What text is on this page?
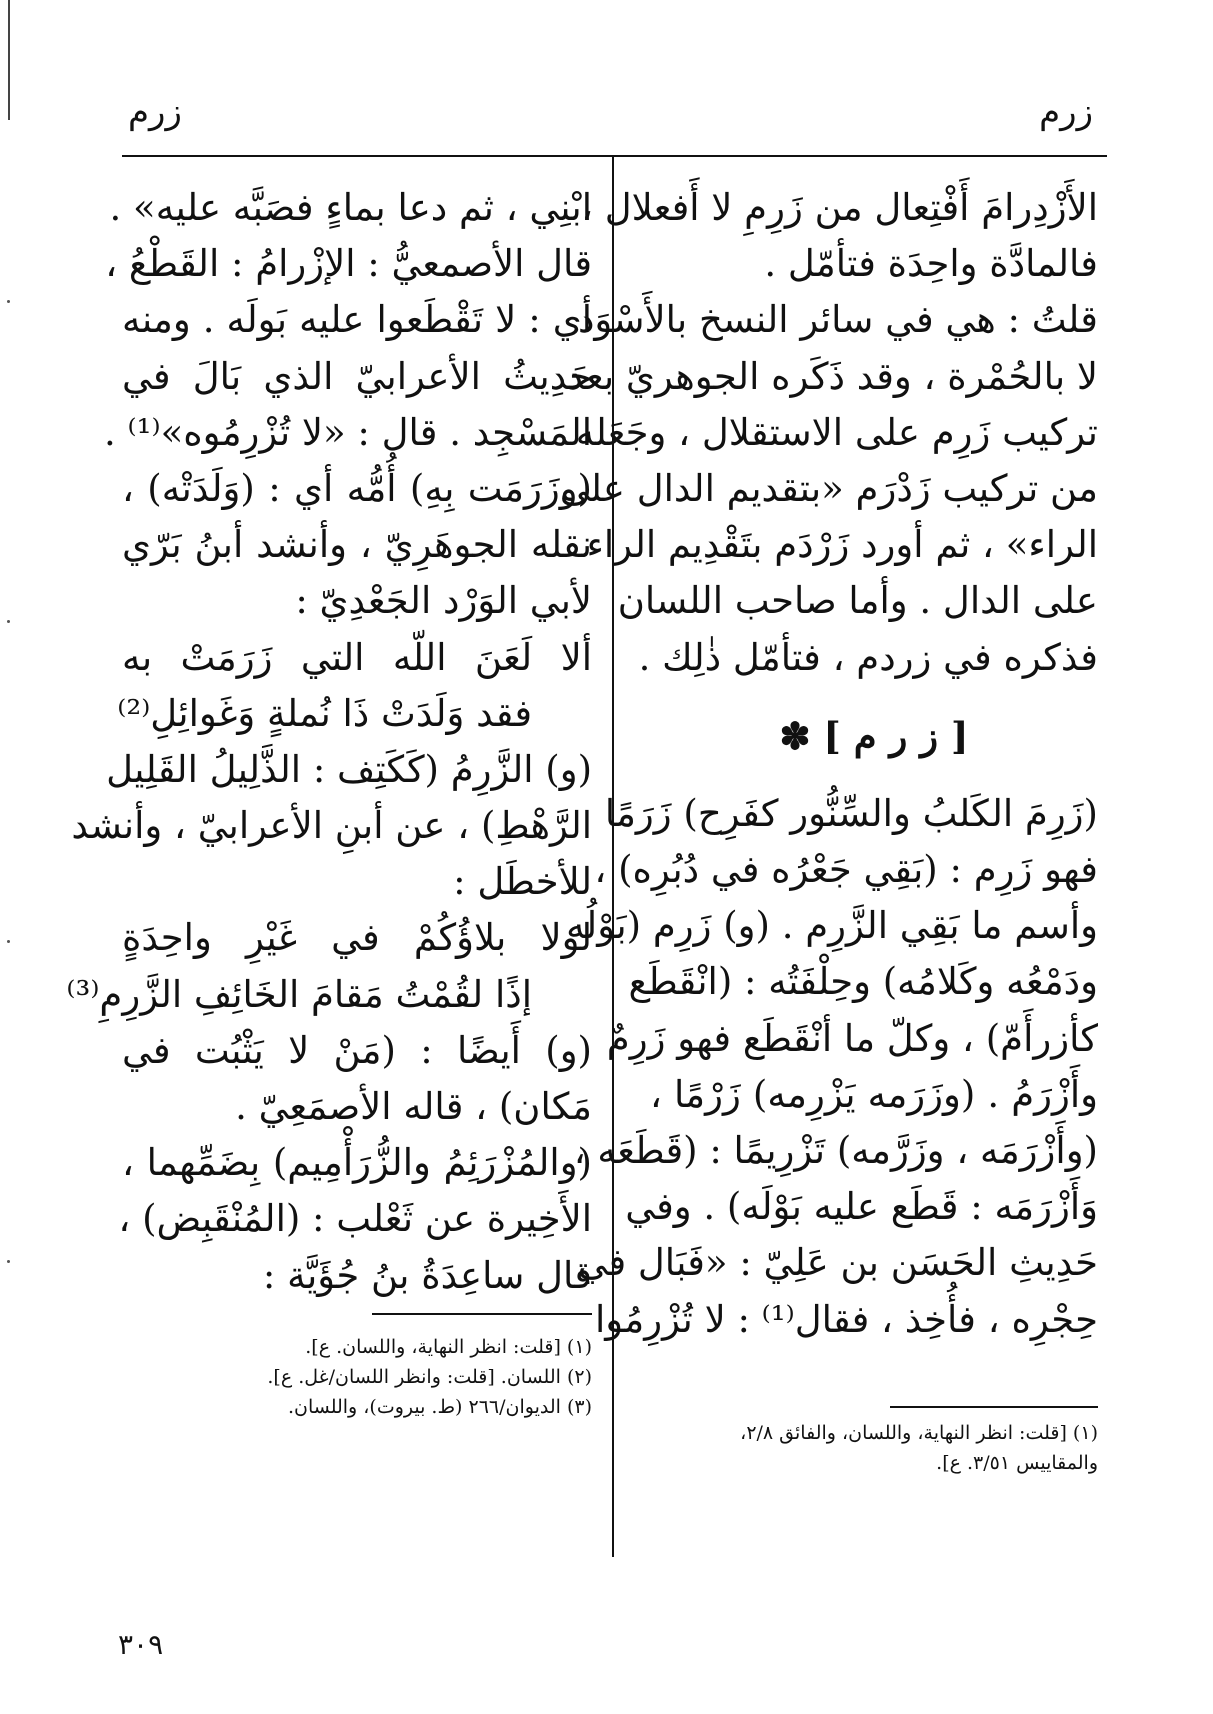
زرم	زرم
الأَزْدِرامَ أَفْتِعال من زَرِمِ لا أَفعلال ،
فالمادَّة واحِدَة فتأمّل .
قلتُ : هي في سائر النسخ بالأَسْوَد
لا بالحُمْرة ، وقد ذَكَره الجوهريّ بعد
تركيب زَرِم على الاستقلال ، وجَعَله
من تركيب زَدْرَم «بتقديم الدال على
الراء» ، ثم أورد زَرْدَم بتَقْدِيم الراء
على الدال . وأما صاحب اللسان
فذكره في زردم ، فتأمّل ذٰلِك .
[ ز ر م ] ✽
(زَرِمَ الكَلبُ والسِّنُّور كفَرِح) زَرَمًا
فهو زَرِم : (بَقِي جَعْرُه في دُبُرِه) ،
وأسم ما بَقِي الزَّرِم . (و) زَرِم (بَوْلُه
ودَمْعُه وكَلامُه) وحِلْفَتُه : (انْقَطَع
كأزرأَمّ) ، وكلّ ما أنْقَطَع فهو زَرِمٌ
وأَزْرَمُ . (وزَرَمه يَزْرِمه) زَرْمًا ،
(وأَزْرَمَه ، وزَرَّمه) تَزْرِيمًا : (قَطَعَه ،
وَأَزْرَمَه : قَطَع عليه بَوْلَه) . وفي
حَدِيثِ الحَسَن بن عَلِيّ : «فَبَال في
حِجْرِه ، فأُخِذ ، فقال⁽¹⁾ : لا تُزْرِمُوا
ابْنِي ، ثم دعا بماءٍ فصَبَّه عليه» .
قال الأصمعيُّ : الإزْرامُ : القَطْعُ ،
أي : لا تَقْطَعوا عليه بَولَه . ومنه
حَدِيثُ الأعرابيّ الذي بَالَ في
المَسْجِد . قال : «لا تُزْرِمُوه»⁽¹⁾ .
(وزَرَمَت بِهِ) أُمُّه أي : (وَلَدَتْه) ،
نقله الجوهَرِيّ ، وأنشد أبنُ بَرّي
لأبي الوَرْد الجَعْدِيّ :
ألا لَعَنَ اللّه التي زَرَمَتْ به
فقد وَلَدَتْ ذَا نُملةٍ وَغَوائِلِ⁽²⁾
(و) الزَّرِمُ (كَكَتِف : الذَّلِيلُ القَلِيل
الرَّهْطِ) ، عن أبنِ الأعرابيّ ، وأنشد
للأخطَل :
لولا بلاؤُكُمْ في غَيْرِ واحِدَةٍ
إذًا لقُمْتُ مَقامَ الخَائِفِ الزَّرِمِ⁽³⁾
(و) أَيضًا : (مَنْ لا يَثْبُت في
مَكان) ، قاله الأصمَعِيّ .
(والمُزْرَئِمُ والزُّرَأْمِيم) بِضَمِّهما ،
الأَخِيرة عن ثَعْلب : (المُنْقَبِض) ،
قال ساعِدَةُ بنُ جُؤَيَّة :
(١) [قلت: انظر النهاية، واللسان. ع].
(٢) اللسان. [قلت: وانظر اللسان/غل. ع].
(٣) الديوان/٢٦٦ (ط. بيروت)، واللسان.
(١) [قلت: انظر النهاية، واللسان، والفائق ٢/٨،
والمقاييس ٣/٥١. ع].
٣٠٩
